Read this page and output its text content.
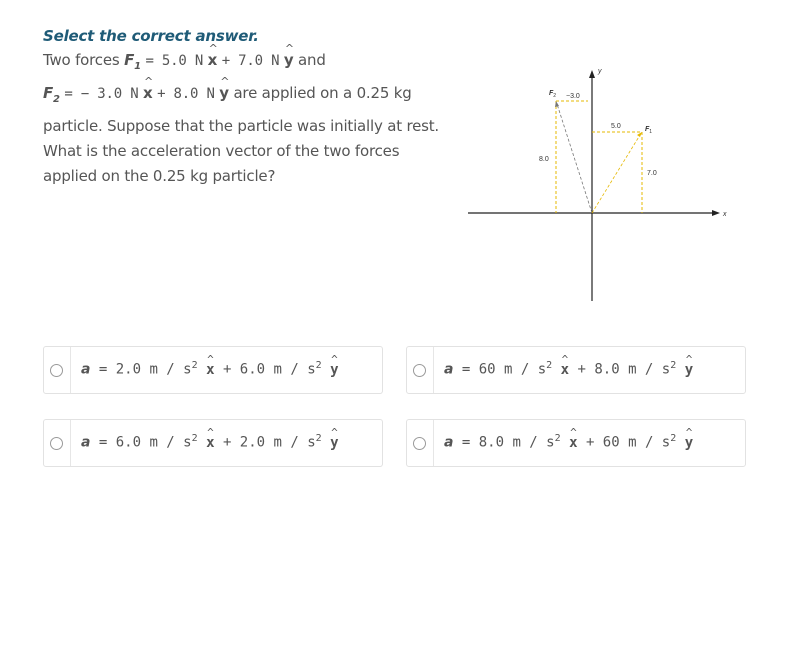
Select the correct answer.
Two forces $F_1 = 5.0$ N ^ x + 7.0 N ^ y and
$F_2$ = − 3.0 N ^ x + 8.0 N ^ y are applied on a 0.25 kg
particle. Suppose that the particle was initially at rest.
What is the acceleration vector of the two forces
applied on the 0.25 kg particle?
x
y
$F_2 -3.0$
8.0
5.0	$F_1$
7.0
a = 2.0 m / $s^2$ ^ x + 6.0 m / $s^2$ ^ y	a = 60 m / $s^2$ ^ x + 8.0 m / $s^2$ ^ y
a = 6.0 m / $s^2$ ^ x + 2.0 m / $s^2$ ^ y	a = 8.0 m / $s^2$ ^ x + 60 m / $s^2$ ^ y
